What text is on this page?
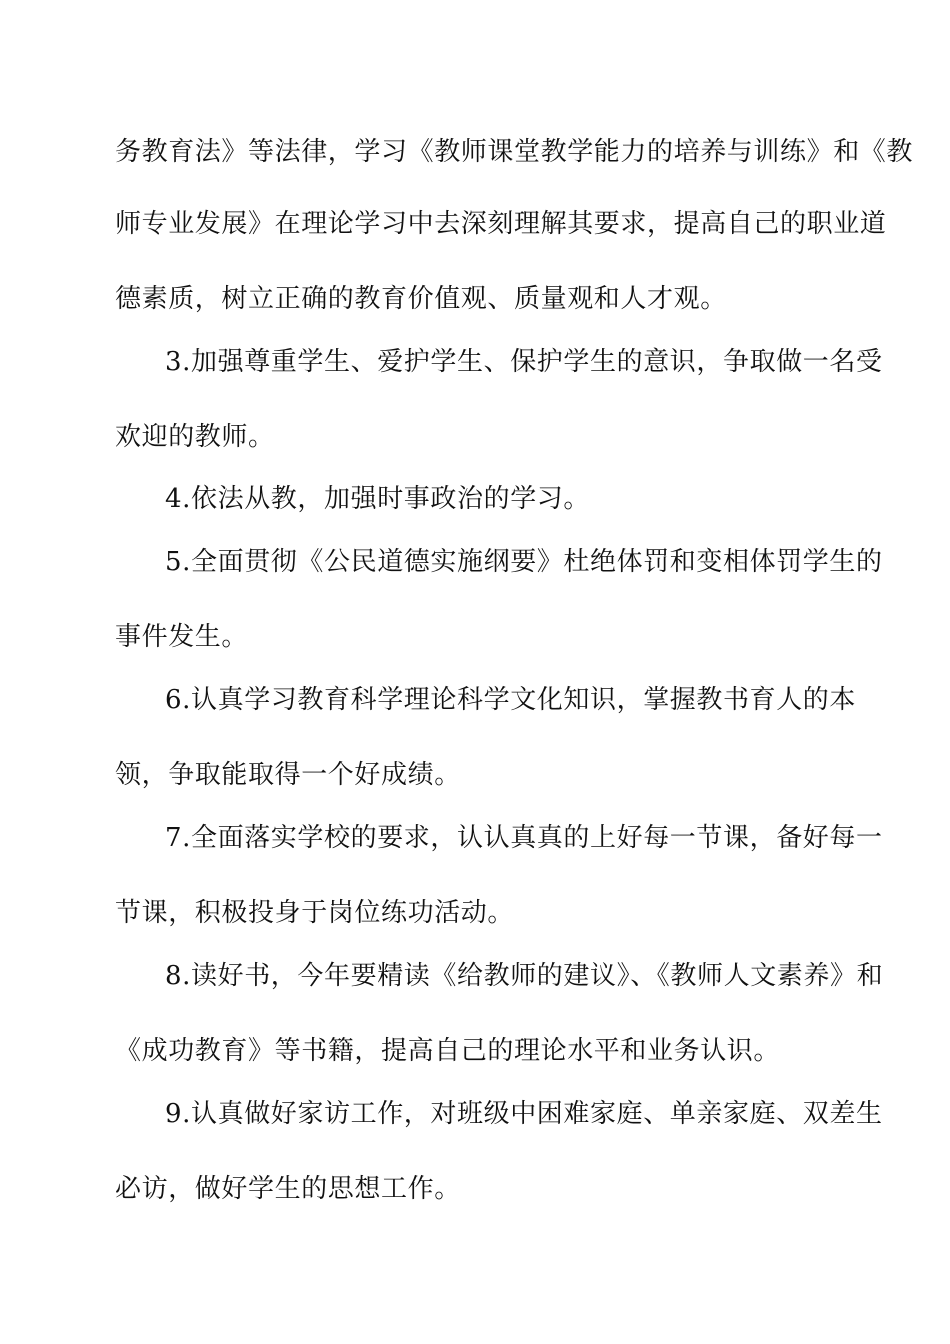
务教育法》等法律，学习《教师课堂教学能力的培养与训练》和《教
师专业发展》在理论学习中去深刻理解其要求，提高自己的职业道
德素质，树立正确的教育价值观、质量观和人才观。
3.加强尊重学生、爱护学生、保护学生的意识，争取做一名受
欢迎的教师。
4.依法从教，加强时事政治的学习。
5.全面贯彻《公民道德实施纲要》杜绝体罚和变相体罚学生的
事件发生。
6.认真学习教育科学理论科学文化知识，掌握教书育人的本
领，争取能取得一个好成绩。
7.全面落实学校的要求，认认真真的上好每一节课，备好每一
节课，积极投身于岗位练功活动。
8.读好书，今年要精读《给教师的建议》、《教师人文素养》和
《成功教育》等书籍，提高自己的理论水平和业务认识。
9.认真做好家访工作，对班级中困难家庭、单亲家庭、双差生
必访，做好学生的思想工作。
